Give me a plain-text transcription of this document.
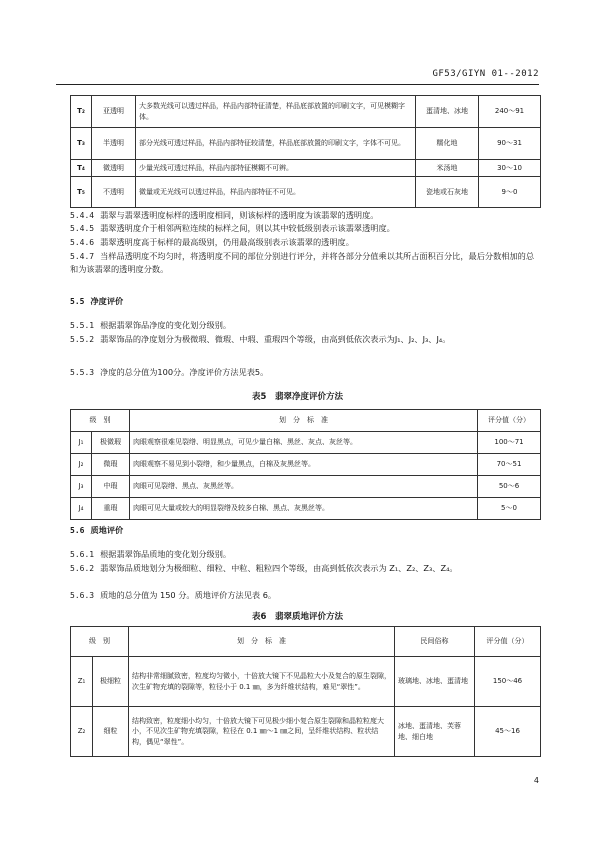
GF53/GIYN 01--2012
T₂	亚透明	大多数光线可以透过样品，样品内部特征清楚，样品底部放置的印刷文字，可见模糊字体。	蛋清地、冰地	240～91
T₃	半透明	部分光线可透过样品，样品内部特征较清楚，样品底部放置的印刷文字，字体不可见。	糯化地	90～31
T₄	微透明	少量光线可透过样品，样品内部特征模糊不可辨。	米汤地	30～10
T₅	不透明	微量或无光线可以透过样品，样品内部特征不可见。	瓷地或石灰地	9～0

5.4.4 翡翠与翡翠透明度标样的透明度相同，则该标样的透明度为该翡翠的透明度。

5.4.5 翡翠透明度介于相邻两粒连续的标样之间，则以其中较低级别表示该翡翠透明度。

5.4.6 翡翠透明度高于标样的最高级别，仍用最高级别表示该翡翠的透明度。

5.4.7 当样品透明度不均匀时，将透明度不同的部位分别进行评分，并将各部分分值乘以其所占面积百分比，最后分数相加的总和为该翡翠的透明度分数。

5.5 净度评价

5.5.1 根据翡翠饰品净度的变化划分级别。

5.5.2 翡翠饰品的净度划分为极微瑕、微瑕、中瑕、重瑕四个等级，由高到低依次表示为J₁、J₂、J₃、J₄。

5.5.3 净度的总分值为100分。净度评价方法见表5。

表5　翡翠净度评价方法
级　别		划　分　标　准	评分值（分）
J₁	极微瑕	肉眼观察很难见裂绺、明显黑点，可见少量白棉、黑丝、灰点、灰丝等。	100～71
J₂	微瑕	肉眼观察不易见到小裂绺，和少量黑点，白棉及灰黑丝等。	70～51
J₃	中瑕	肉眼可见裂绺、黑点、灰黑丝等。	50～6
J₄	重瑕	肉眼可见大量或较大的明显裂绺及较多白棉、黑点、灰黑丝等。	5～0

5.6 质地评价

5.6.1 根据翡翠饰品质地的变化划分级别。

5.6.2 翡翠饰品质地划分为极细粒、细粒、中粒、粗粒四个等级，由高到低依次表示为 Z₁、Z₂、Z₃、Z₄。

5.6.3 质地的总分值为 150 分。质地评价方法见表 6。

表6　翡翠质地评价方法
级　别		划　分　标　准	民间俗称	评分值（分）
Z₁	极细粒	结构非常细腻致密，粒度均匀微小，十倍放大镜下不见晶粒大小及复合的原生裂隙，次生矿物充填的裂隙等，粒径小于 0.1 ㎜，多为纤维状结构，难见“翠性”。	玻璃地、冰地、蛋清地	150～46
Z₂	细粒	结构致密，粒度细小均匀，十倍放大镜下可见极少细小复合原生裂隙和晶粒粒度大小，不见次生矿物充填裂隙，粒径在 0.1 ㎜～1 ㎜之间，呈纤维状结构、粒状结构，偶见“翠性”。	冰地、蛋清地、芙蓉地、细白地	45～16
4
